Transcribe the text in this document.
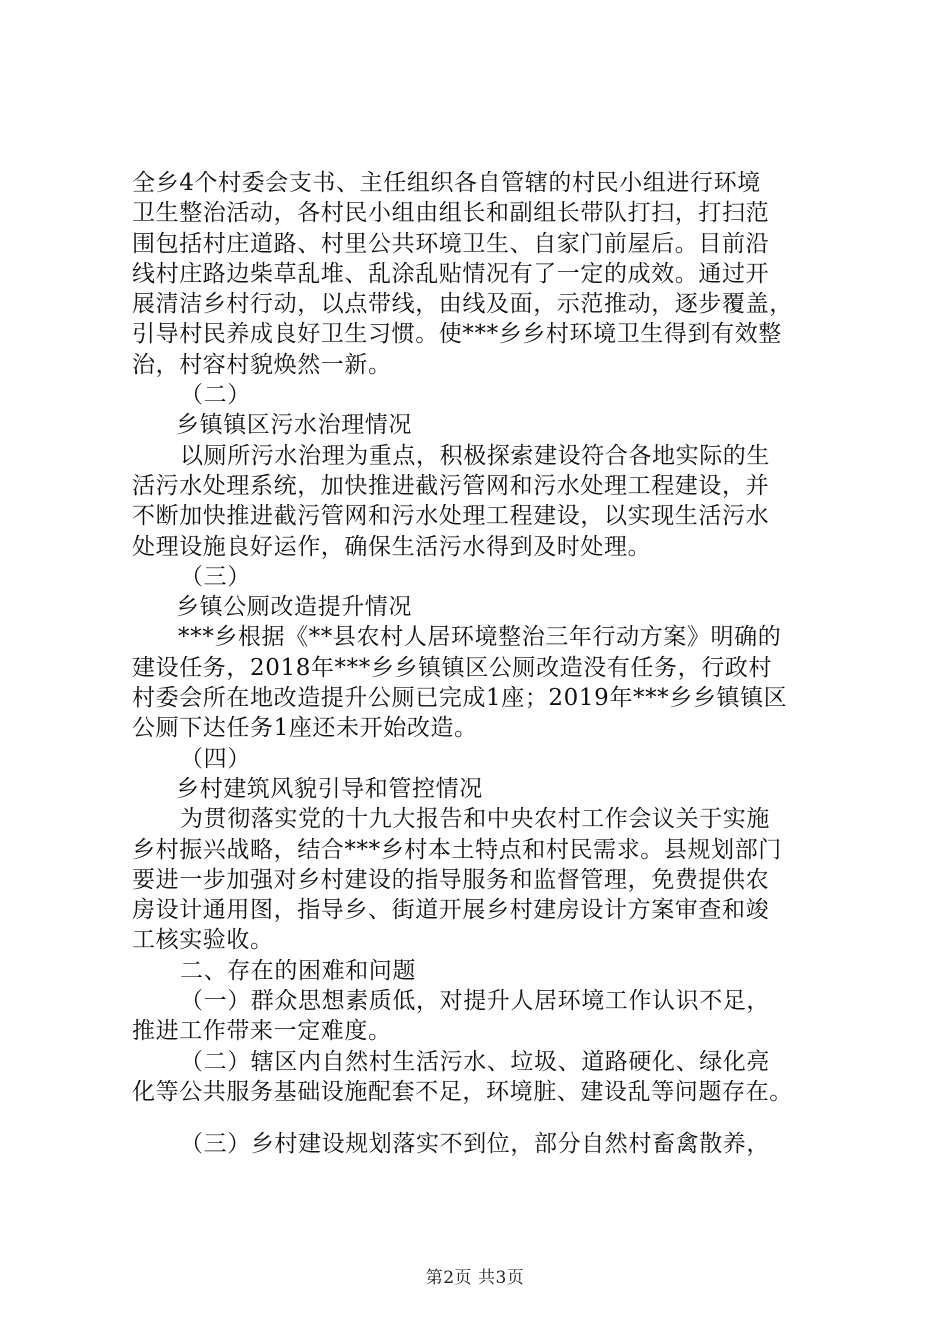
全乡4个村委会支书、主任组织各自管辖的村民小组进行环境
卫生整治活动，各村民小组由组长和副组长带队打扫，打扫范
围包括村庄道路、村里公共环境卫生、自家门前屋后。目前沿
线村庄路边柴草乱堆、乱涂乱贴情况有了一定的成效。通过开
展清洁乡村行动，以点带线，由线及面，示范推动，逐步覆盖，
引导村民养成良好卫生习惯。使***乡乡村环境卫生得到有效整
治，村容村貌焕然一新。
（二）
乡镇镇区污水治理情况
以厕所污水治理为重点，积极探索建设符合各地实际的生
活污水处理系统，加快推进截污管网和污水处理工程建设，并
不断加快推进截污管网和污水处理工程建设，以实现生活污水
处理设施良好运作，确保生活污水得到及时处理。
（三）
乡镇公厕改造提升情况
***乡根据《**县农村人居环境整治三年行动方案》明确的
建设任务，2018年***乡乡镇镇区公厕改造没有任务，行政村
村委会所在地改造提升公厕已完成1座；2019年***乡乡镇镇区
公厕下达任务1座还未开始改造。
（四）
乡村建筑风貌引导和管控情况
为贯彻落实党的十九大报告和中央农村工作会议关于实施
乡村振兴战略，结合***乡村本土特点和村民需求。县规划部门
要进一步加强对乡村建设的指导服务和监督管理，免费提供农
房设计通用图，指导乡、街道开展乡村建房设计方案审查和竣
工核实验收。
二、存在的困难和问题
（一）群众思想素质低，对提升人居环境工作认识不足，
推进工作带来一定难度。
（二）辖区内自然村生活污水、垃圾、道路硬化、绿化亮
化等公共服务基础设施配套不足，环境脏、建设乱等问题存在。
（三）乡村建设规划落实不到位，部分自然村畜禽散养，
第2页 共3页
